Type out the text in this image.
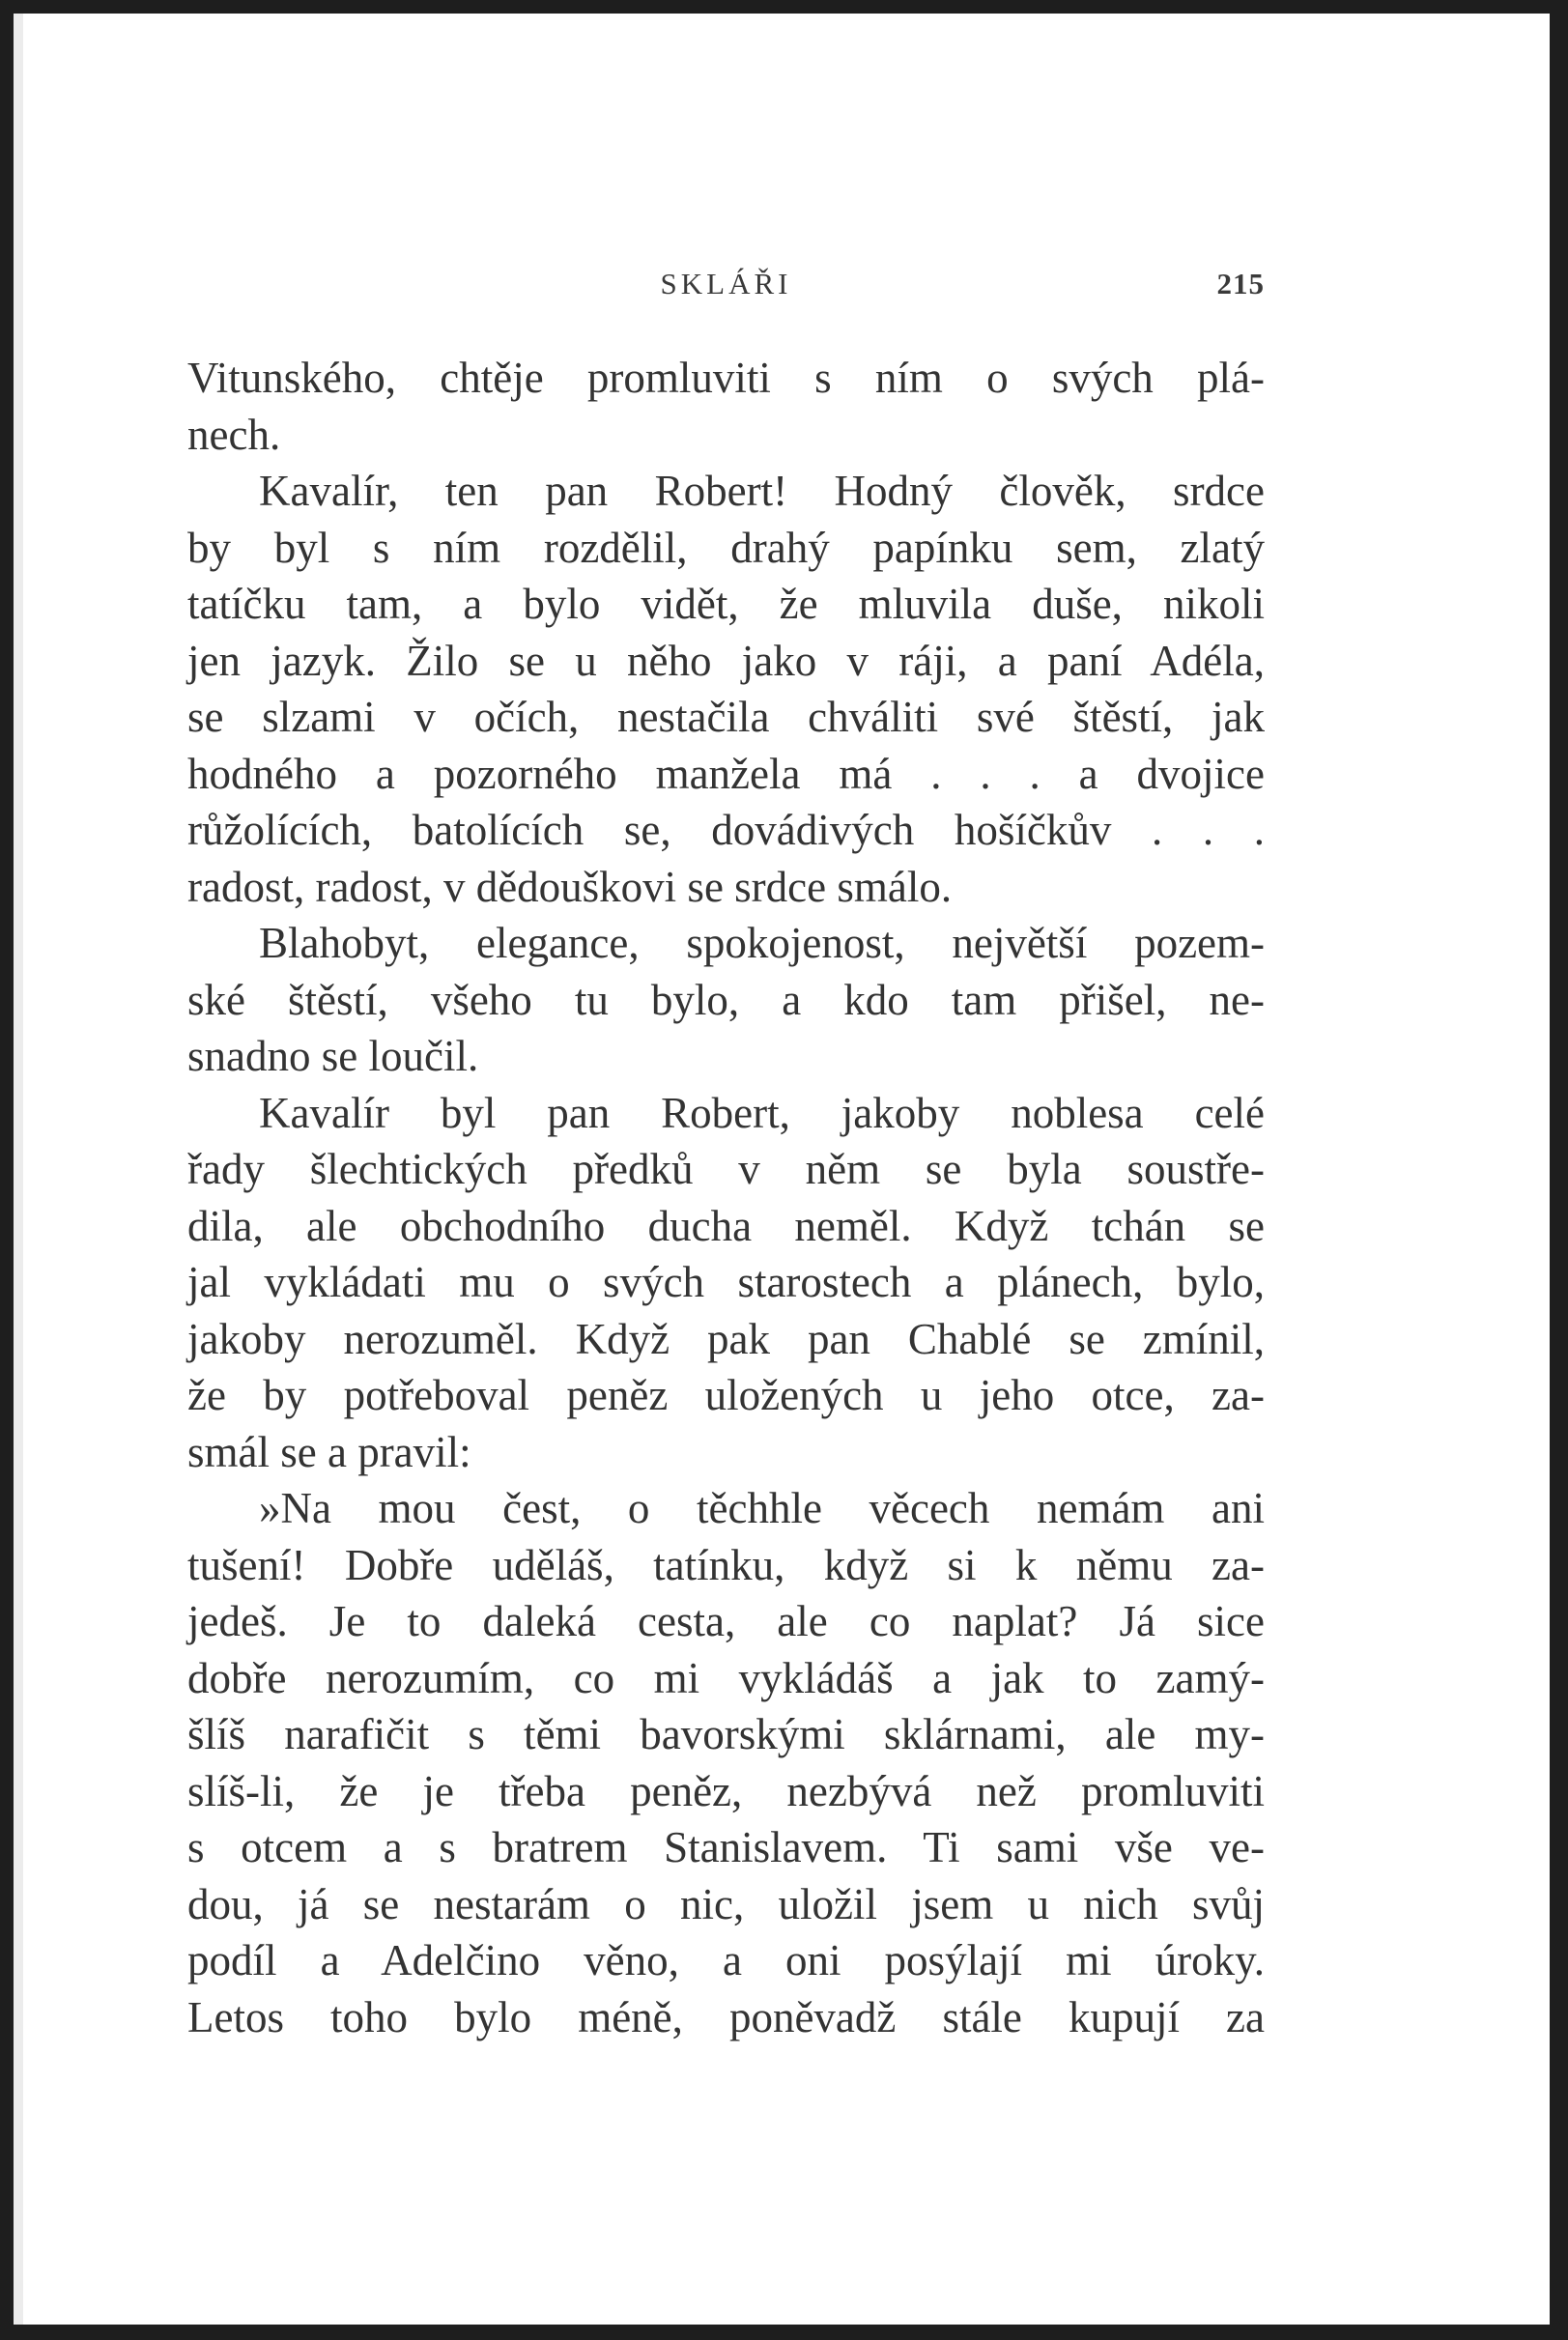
SKLÁŘI	215
Vitunského, chtěje promluviti s ním o svých plá-
nech.
Kavalír, ten pan Robert! Hodný člověk, srdce
by byl s ním rozdělil, drahý papínku sem, zlatý
tatíčku tam, a bylo vidět, že mluvila duše, nikoli
jen jazyk. Žilo se u něho jako v ráji, a paní Adéla,
se slzami v očích, nestačila chváliti své štěstí, jak
hodného a pozorného manžela má . . . a dvojice
růžolících, batolících se, dovádivých hošíčkův . . .
radost, radost, v dědouškovi se srdce smálo.
Blahobyt, elegance, spokojenost, největší pozem-
ské štěstí, všeho tu bylo, a kdo tam přišel, ne-
snadno se loučil.
Kavalír byl pan Robert, jakoby noblesa celé
řady šlechtických předků v něm se byla soustře-
dila, ale obchodního ducha neměl. Když tchán se
jal vykládati mu o svých starostech a plánech, bylo,
jakoby nerozuměl. Když pak pan Chablé se zmínil,
že by potřeboval peněz uložených u jeho otce, za-
smál se a pravil:
»Na mou čest, o těchhle věcech nemám ani
tušení! Dobře uděláš, tatínku, když si k němu za-
jedeš. Je to daleká cesta, ale co naplat? Já sice
dobře nerozumím, co mi vykládáš a jak to zamý-
šlíš narafičit s těmi bavorskými sklárnami, ale my-
slíš-li, že je třeba peněz, nezbývá než promluviti
s otcem a s bratrem Stanislavem. Ti sami vše ve-
dou, já se nestarám o nic, uložil jsem u nich svůj
podíl a Adelčino věno, a oni posýlají mi úroky.
Letos toho bylo méně, poněvadž stále kupují za
